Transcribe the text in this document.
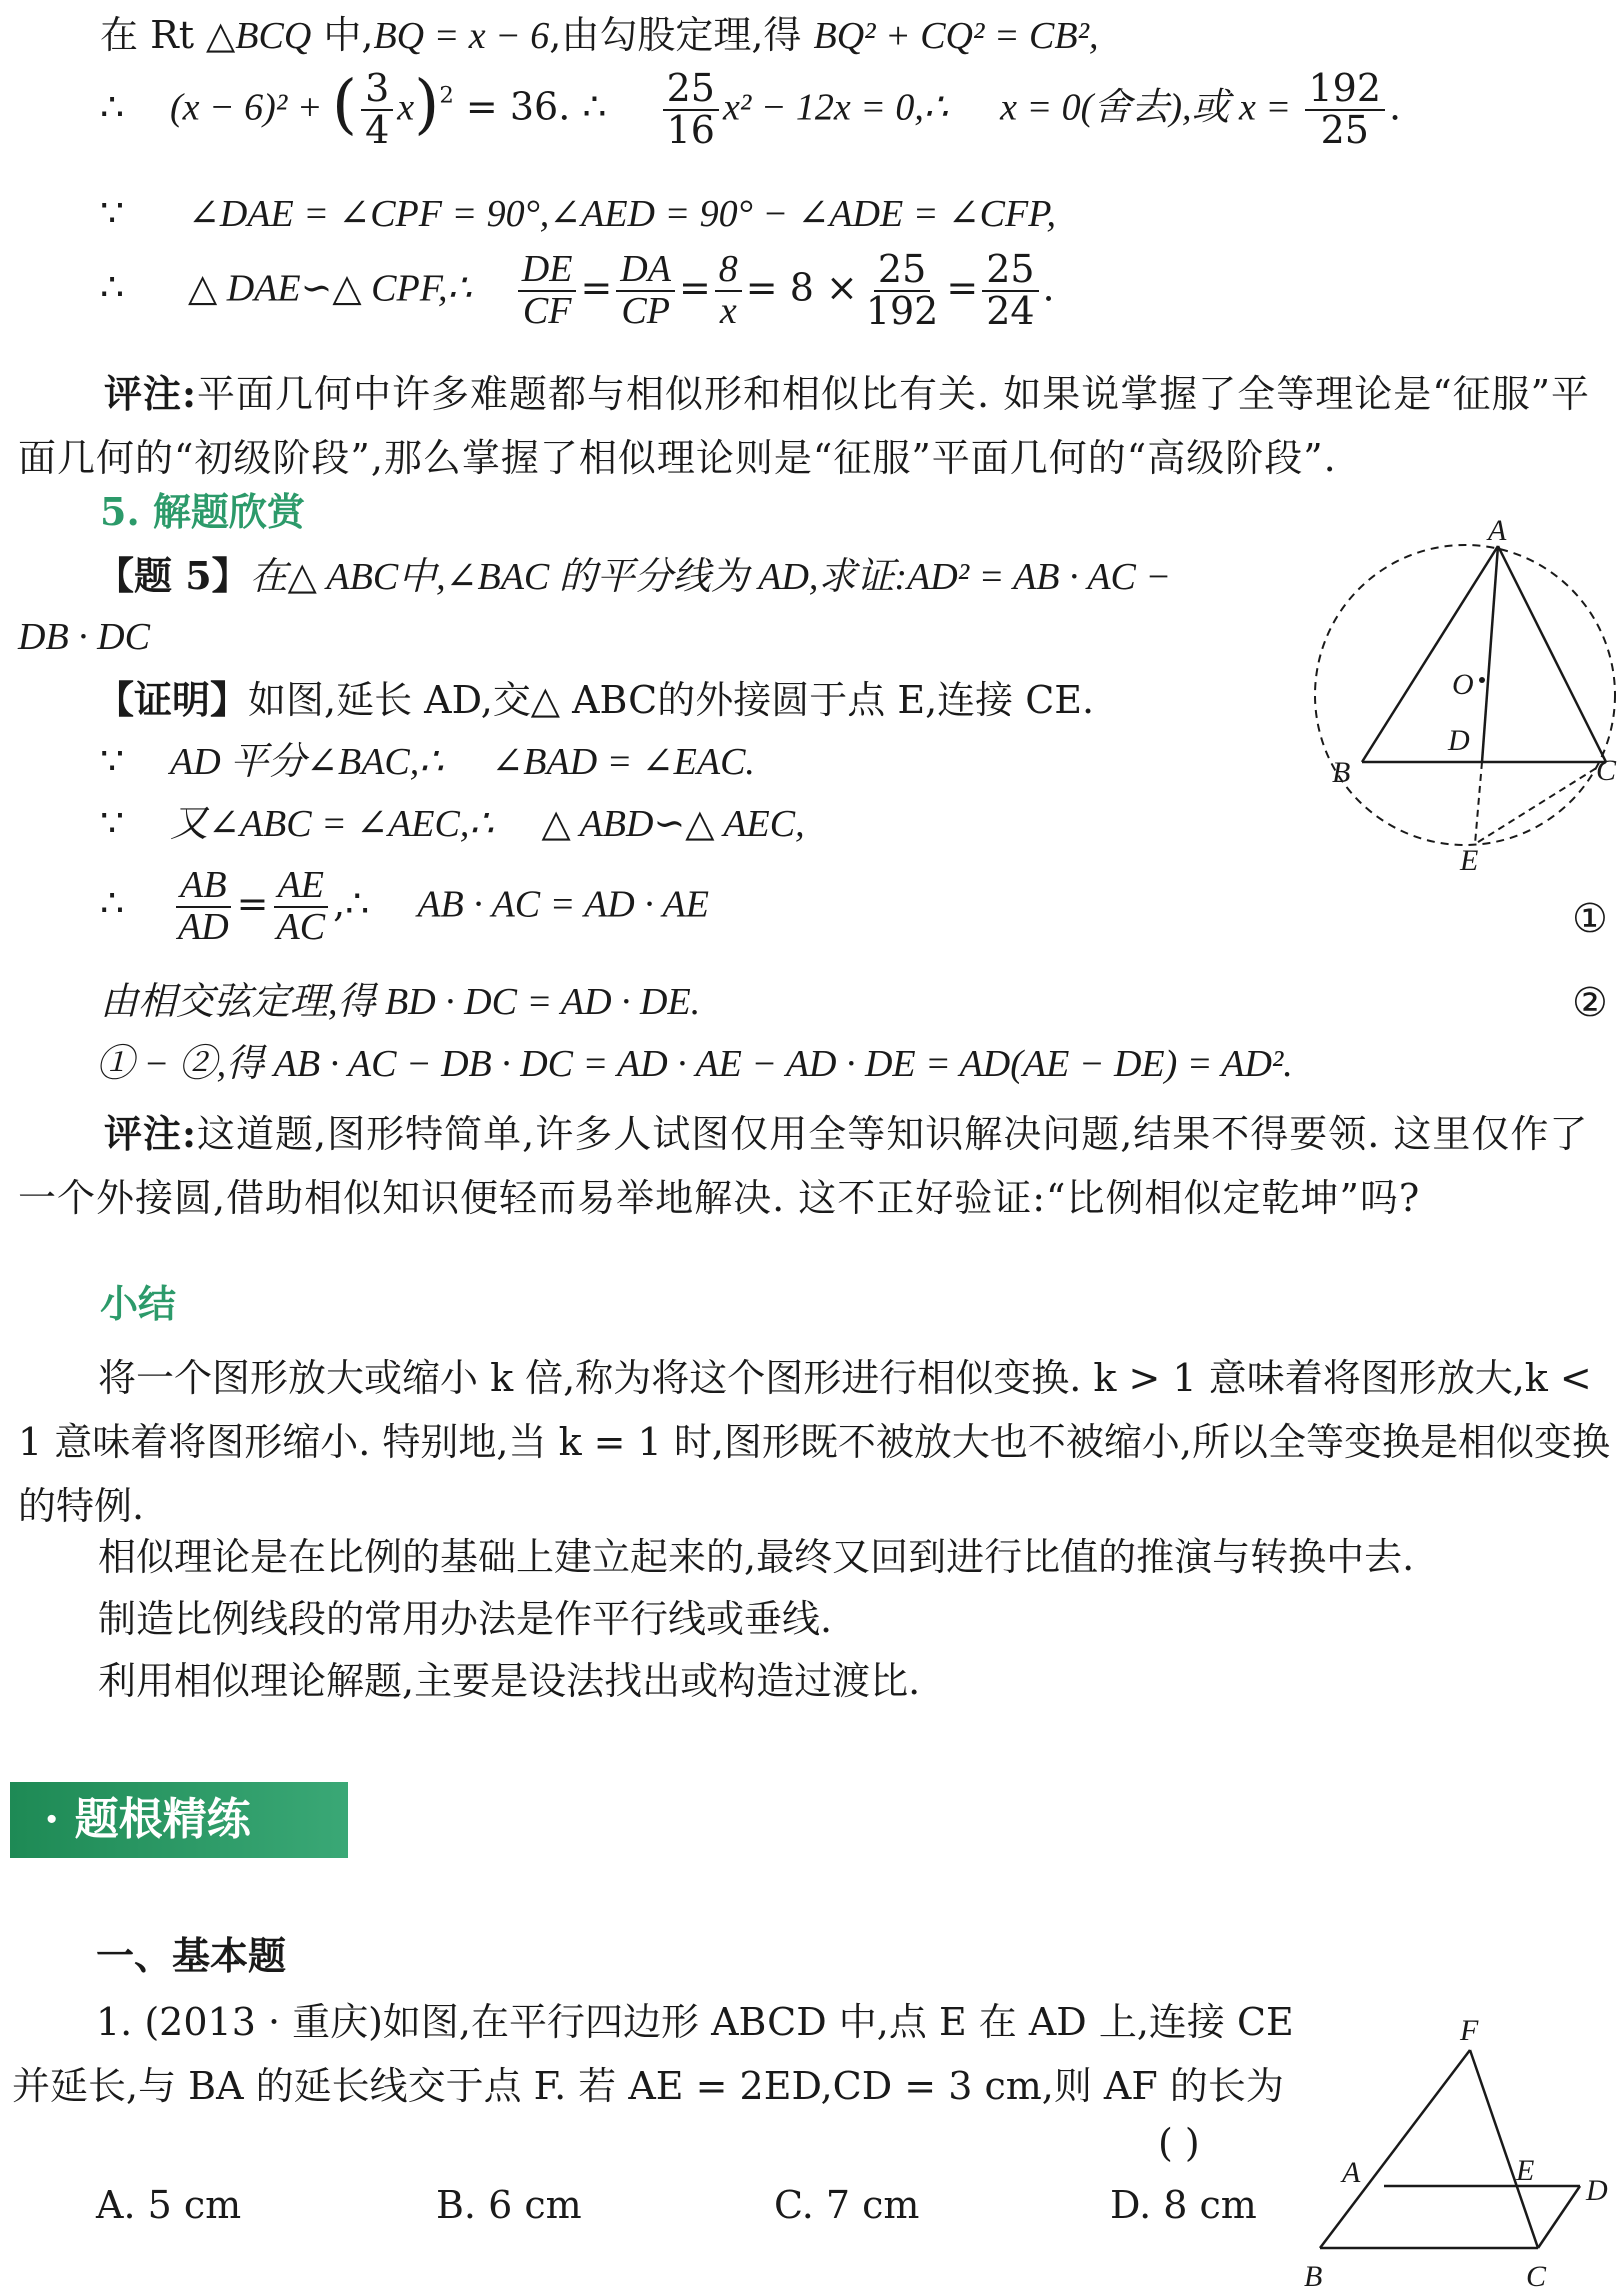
在 Rt △BCQ 中,BQ = x − 6,由勾股定理,得 BQ² + CQ² = CB²,
∴ (x − 6)² + ( $\frac{3}{4} x)^2 = 36$. ∴ $\frac{25}{16} x^2 - 12x$ = 0,∴ x = 0(舍去),或 $x = \frac{192}{25}$ .
∵ ∠DAE = ∠CPF = 90°,∠AED = 90° − ∠ADE = ∠CFP,
∴ △ DAE∽△ CPF,∴ $\frac{DE}{CF} = \frac{DA}{CP} = \frac{8}{x} = 8 \times \frac{25}{192} = \frac{25}{24}$ .
评注:平面几何中许多难题都与相似形和相似比有关. 如果说掌握了全等理论是“征服”平面几何的“初级阶段”,那么掌握了相似理论则是“征服”平面几何的“高级阶段”.
5. 解题欣赏
【题 5】在△ ABC中,∠BAC 的平分线为 AD,求证:AD² = AB · AC −
DB · DC
【证明】如图,延长 AD,交△ ABC的外接圆于点 E,连接 CE.
∵ AD 平分∠BAC,∴ ∠BAD = ∠EAC.
∵ 又∠ABC = ∠AEC,∴ △ ABD∽△ AEC,
∴ $\frac{AB}{AD} = \frac{AE}{AC}$ ,∴ AB · AC = AD · AE	①
由相交弦定理,得 BD · DC = AD · DE.	②
① − ②,得 AB · AC − DB · DC = AD · AE − AD · DE = AD(AE − DE) = AD².
评注:这道题,图形特简单,许多人试图仅用全等知识解决问题,结果不得要领. 这里仅作了一个外接圆,借助相似知识便轻而易举地解决. 这不正好验证:“比例相似定乾坤”吗?
小结
将一个图形放大或缩小 k 倍,称为将这个图形进行相似变换. k > 1 意味着将图形放大,k < 1 意味着将图形缩小. 特别地,当 k = 1 时,图形既不被放大也不被缩小,所以全等变换是相似变换的特例.
相似理论是在比例的基础上建立起来的,最终又回到进行比值的推演与转换中去.
制造比例线段的常用办法是作平行线或垂线.
利用相似理论解题,主要是设法找出或构造过渡比.
· 题根精练
一、基本题
1. (2013 · 重庆)如图,在平行四边形 ABCD 中,点 E 在 AD 上,连接 CE 并延长,与 BA 的延长线交于点 F. 若 AE = 2ED,CD = 3 cm,则 AF 的长为
( )
A. 5 cm	B. 6 cm	C. 7 cm	D. 8 cm
A
O
D
B	C
E
F
A	E
D
B	C
